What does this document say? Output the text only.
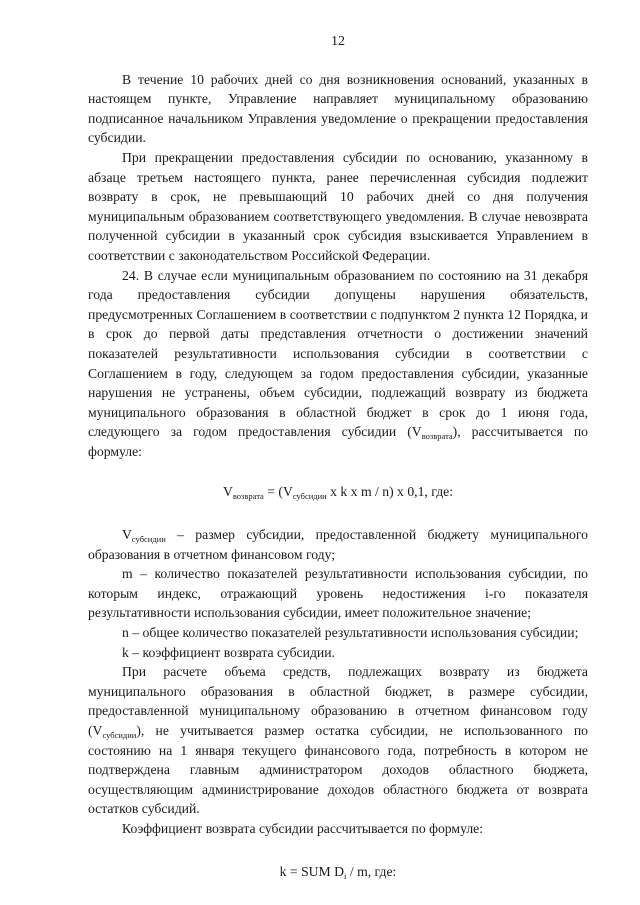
12

В течение 10 рабочих дней со дня возникновения оснований, указанных в настоящем пункте, Управление направляет муниципальному образованию подписанное начальником Управления уведомление о прекращении предоставления субсидии.

При прекращении предоставления субсидии по основанию, указанному в абзаце третьем настоящего пункта, ранее перечисленная субсидия подлежит возврату в срок, не превышающий 10 рабочих дней со дня получения муниципальным образованием соответствующего уведомления. В случае невозврата полученной субсидии в указанный срок субсидия взыскивается Управлением в соответствии с законодательством Российской Федерации.

24. В случае если муниципальным образованием по состоянию на 31 декабря года предоставления субсидии допущены нарушения обязательств, предусмотренных Соглашением в соответствии с подпунктом 2 пункта 12 Порядка, и в срок до первой даты представления отчетности о достижении значений показателей результативности использования субсидии в соответствии с Соглашением в году, следующем за годом предоставления субсидии, указанные нарушения не устранены, объем субсидии, подлежащий возврату из бюджета муниципального образования в областной бюджет в срок до 1 июня года, следующего за годом предоставления субсидии $(V_{возврата})$, рассчитывается по формуле:

$V_{возврата} = (V_{субсидии}$ x k x m / n) x 0,1, где:

$V_{субсидии}$ – размер субсидии, предоставленной бюджету муниципального образования в отчетном финансовом году;

m – количество показателей результативности использования субсидии, по которым индекс, отражающий уровень недостижения i-го показателя результативности использования субсидии, имеет положительное значение;

n – общее количество показателей результативности использования субсидии;

k – коэффициент возврата субсидии.

При расчете объема средств, подлежащих возврату из бюджета муниципального образования в областной бюджет, в размере субсидии, предоставленной муниципальному образованию в отчетном финансовом году $(V_{субсидии})$, не учитывается размер остатка субсидии, не использованного по состоянию на 1 января текущего финансового года, потребность в котором не подтверждена главным администратором доходов областного бюджета, осуществляющим администрирование доходов областного бюджета от возврата остатков субсидий.

Коэффициент возврата субсидии рассчитывается по формуле:

k = SUM $D_i$ / m, где:
